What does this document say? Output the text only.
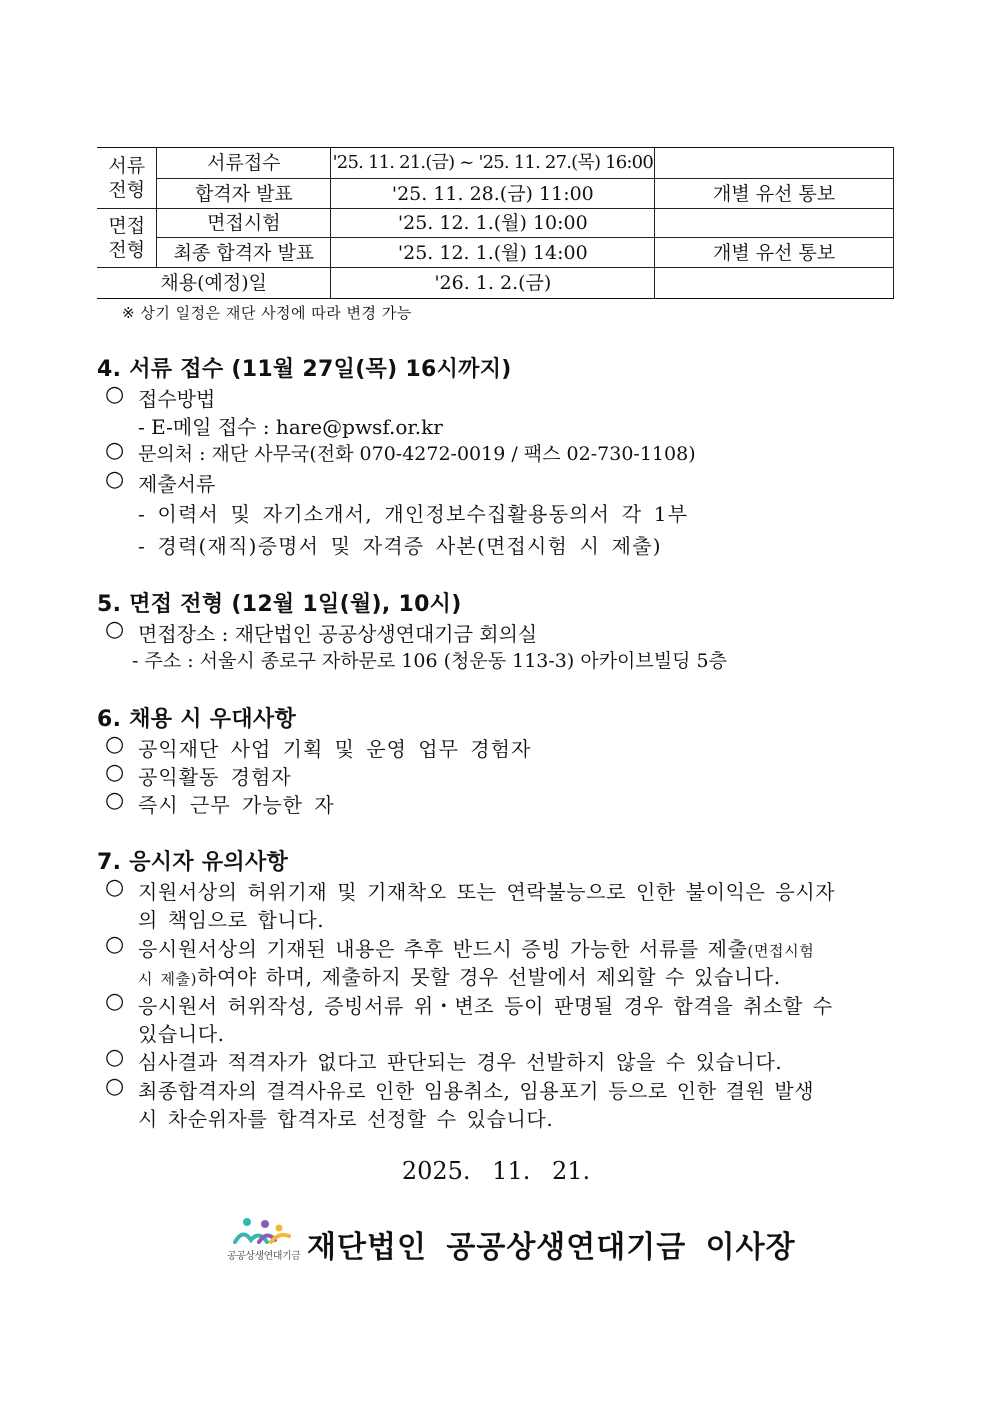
서류
전형	서류접수	'25. 11. 21.(금) ~ '25. 11. 27.(목) 16:00	
	합격자 발표	'25. 11. 28.(금) 11:00	개별 유선 통보
면접
전형	면접시험	'25. 12. 1.(월) 10:00	
	최종 합격자 발표	'25. 12. 1.(월) 14:00	개별 유선 통보
채용(예정)일		'26. 1. 2.(금)	
※ 상기 일정은 재단 사정에 따라 변경 가능
4. 서류 접수 (11월 27일(목) 16시까지)
○ 접수방법
- E-메일 접수 : hare@pwsf.or.kr
○ 문의처 : 재단 사무국(전화 070-4272-0019 / 팩스 02-730-1108)
○ 제출서류
- 이력서 및 자기소개서, 개인정보수집활용동의서 각 1부
- 경력(재직)증명서 및 자격증 사본(면접시험 시 제출)
5. 면접 전형 (12월 1일(월), 10시)
○ 면접장소 : 재단법인 공공상생연대기금 회의실
- 주소 : 서울시 종로구 자하문로 106 (청운동 113-3) 아카이브빌딩 5층
6. 채용 시 우대사항
○ 공익재단 사업 기획 및 운영 업무 경험자
○ 공익활동 경험자
○ 즉시 근무 가능한 자
7. 응시자 유의사항
○ 지원서상의 허위기재 및 기재착오 또는 연락불능으로 인한 불이익은 응시자
의 책임으로 합니다.
○ 응시원서상의 기재된 내용은 추후 반드시 증빙 가능한 서류를 제출(면접시험
시 제출)하여야 하며, 제출하지 못할 경우 선발에서 제외할 수 있습니다.
○ 응시원서 허위작성, 증빙서류 위・변조 등이 판명될 경우 합격을 취소할 수
있습니다.
○ 심사결과 적격자가 없다고 판단되는 경우 선발하지 않을 수 있습니다.
○ 최종합격자의 결격사유로 인한 임용취소, 임용포기 등으로 인한 결원 발생
시 차순위자를 합격자로 선정할 수 있습니다.
2025. 11. 21.
공공상생연대기금 재단법인 공공상생연대기금 이사장
